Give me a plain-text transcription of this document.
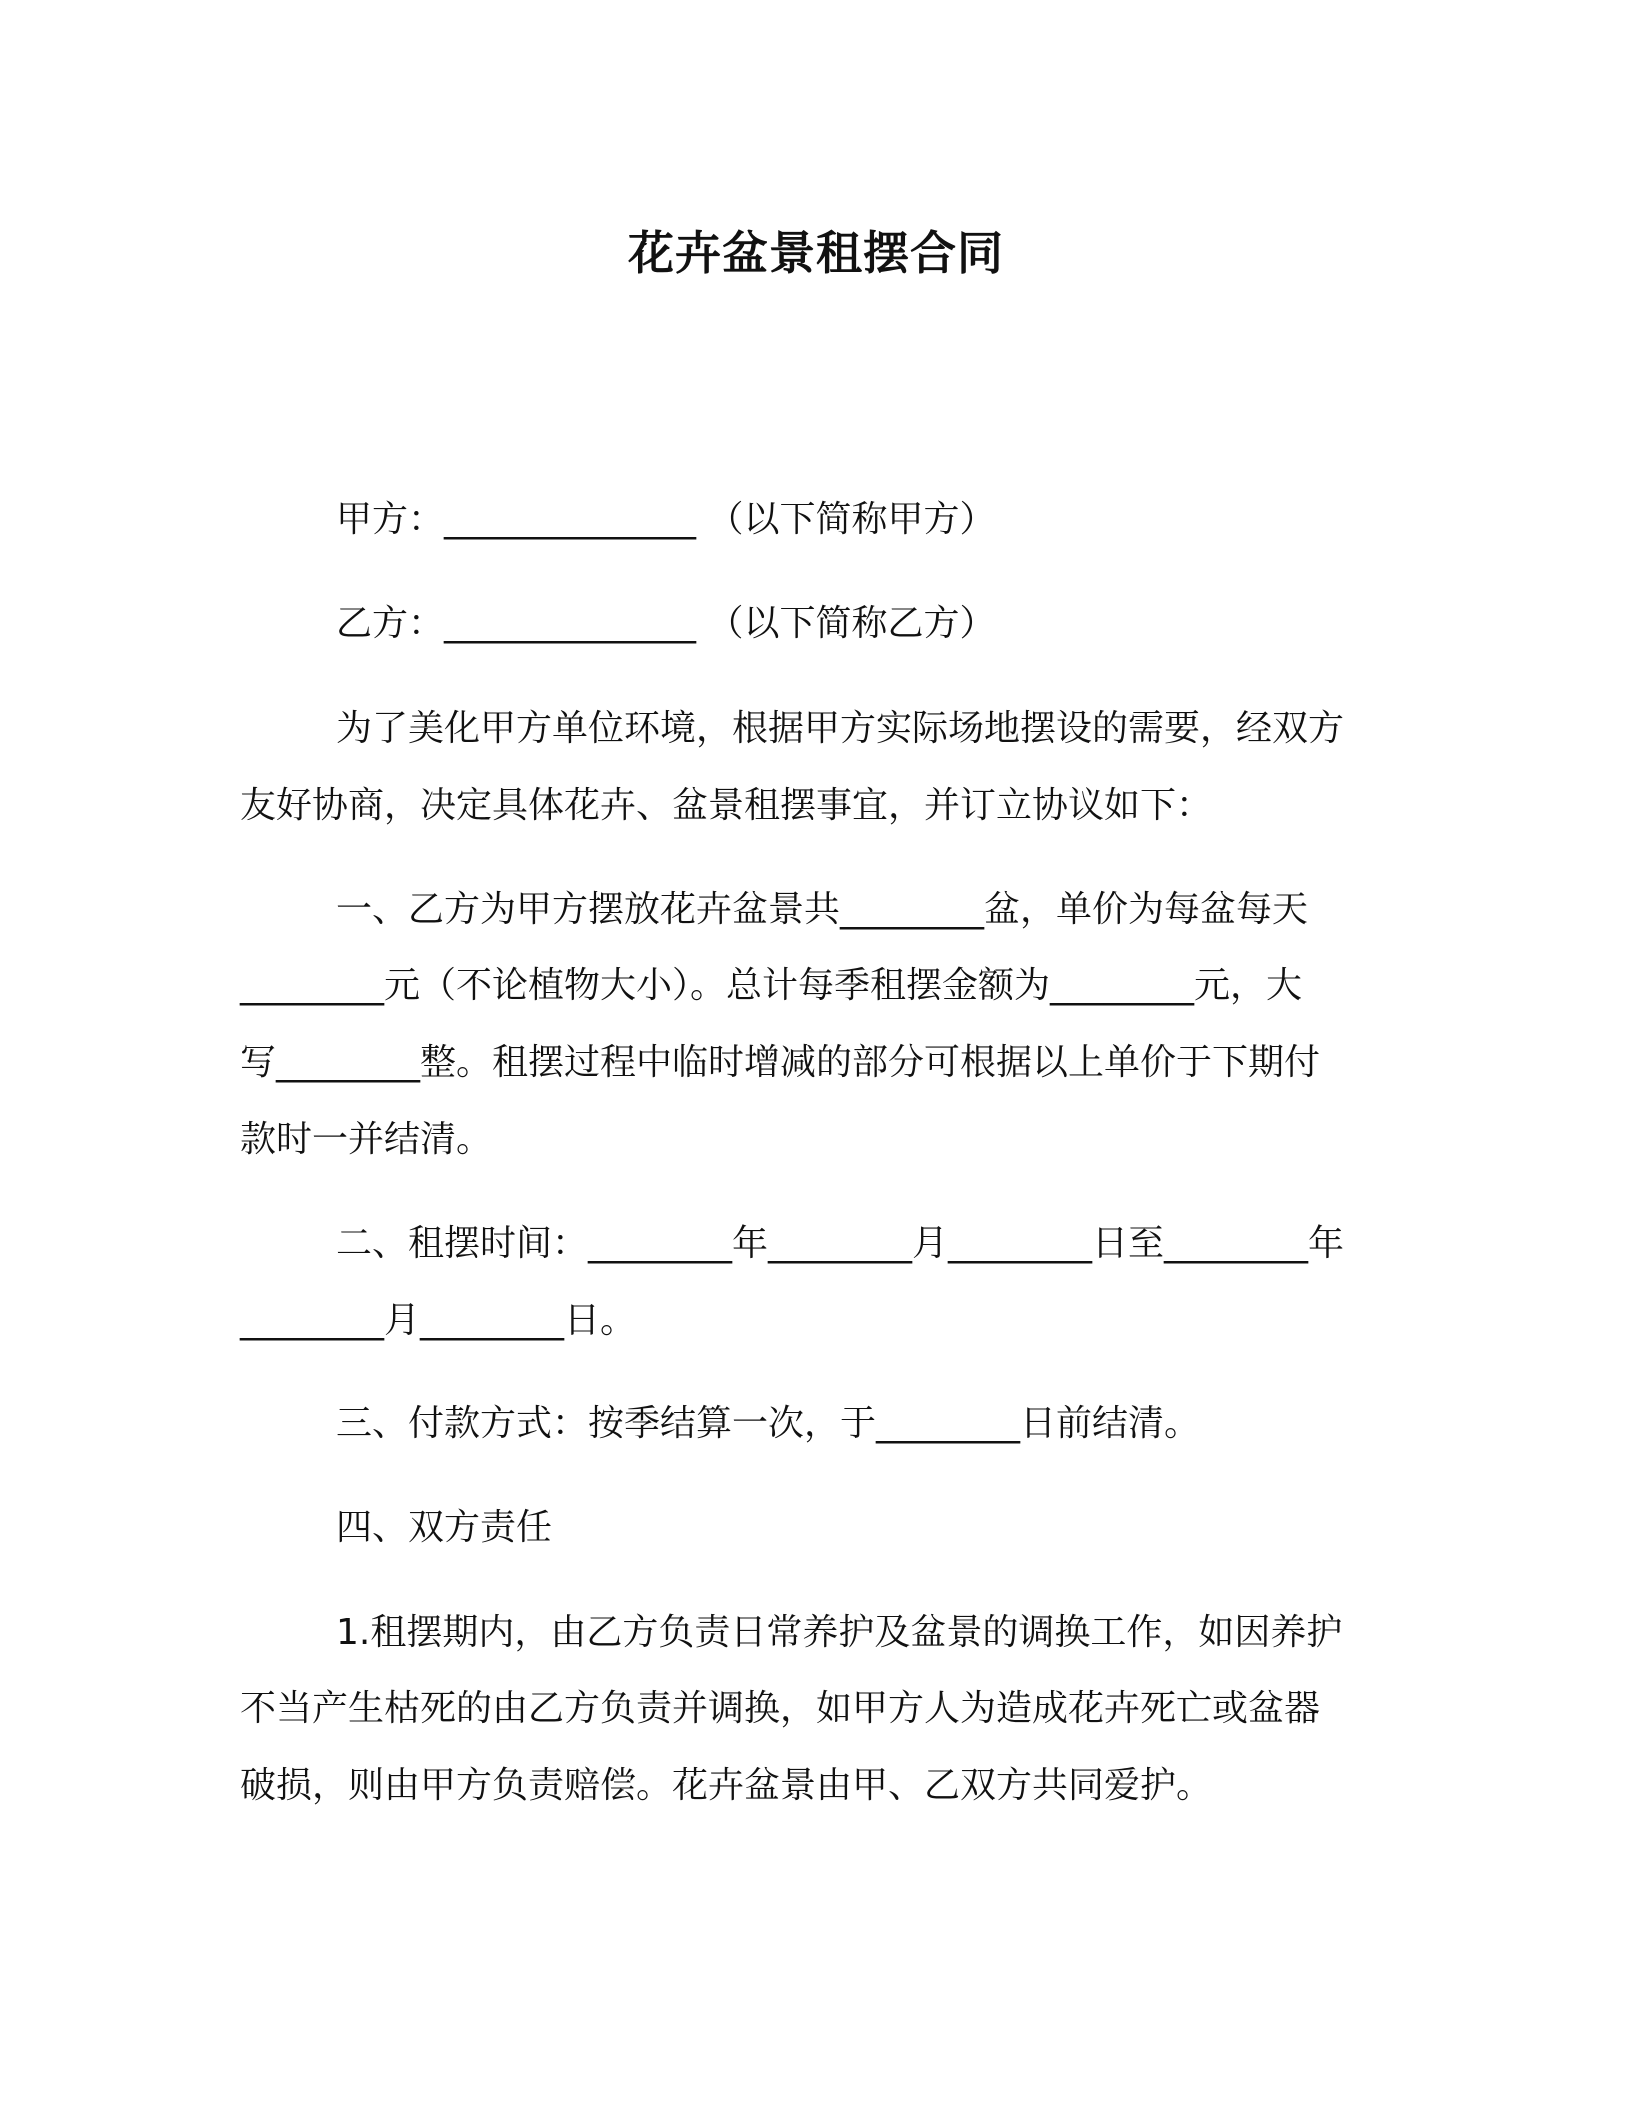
花卉盆景租摆合同
甲方：______________ （以下简称甲方）
乙方：______________ （以下简称乙方）
为了美化甲方单位环境，根据甲方实际场地摆设的需要，经双方
友好协商，决定具体花卉、盆景租摆事宜，并订立协议如下：
一、乙方为甲方摆放花卉盆景共________盆，单价为每盆每天
________元（不论植物大小）。总计每季租摆金额为________元，大
写________整。租摆过程中临时增减的部分可根据以上单价于下期付
款时一并结清。
二、租摆时间：________年________月________日至________年
________月________日。
三、付款方式：按季结算一次，于________日前结清。
四、双方责任
1.租摆期内，由乙方负责日常养护及盆景的调换工作，如因养护
不当产生枯死的由乙方负责并调换，如甲方人为造成花卉死亡或盆器
破损，则由甲方负责赔偿。花卉盆景由甲、乙双方共同爱护。
